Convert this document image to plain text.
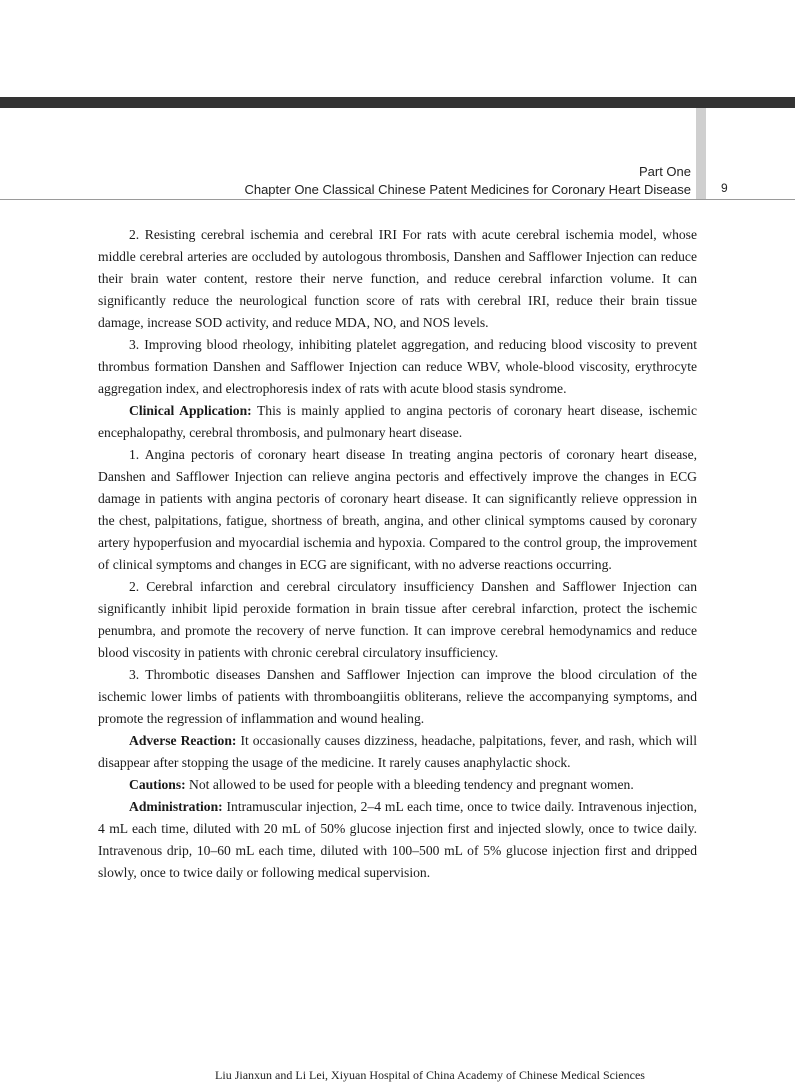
Part One
Chapter One Classical Chinese Patent Medicines for Coronary Heart Disease	9

2. Resisting cerebral ischemia and cerebral IRI For rats with acute cerebral ischemia model, whose middle cerebral arteries are occluded by autologous thrombosis, Danshen and Safflower Injection can reduce their brain water content, restore their nerve function, and reduce cerebral infarction volume. It can significantly reduce the neurological function score of rats with cerebral IRI, reduce their brain tissue damage, increase SOD activity, and reduce MDA, NO, and NOS levels.

3. Improving blood rheology, inhibiting platelet aggregation, and reducing blood viscosity to prevent thrombus formation Danshen and Safflower Injection can reduce WBV, whole-blood viscosity, erythrocyte aggregation index, and electrophoresis index of rats with acute blood stasis syndrome.

Clinical Application: This is mainly applied to angina pectoris of coronary heart disease, ischemic encephalopathy, cerebral thrombosis, and pulmonary heart disease.

1. Angina pectoris of coronary heart disease In treating angina pectoris of coronary heart disease, Danshen and Safflower Injection can relieve angina pectoris and effectively improve the changes in ECG damage in patients with angina pectoris of coronary heart disease. It can significantly relieve oppression in the chest, palpitations, fatigue, shortness of breath, angina, and other clinical symptoms caused by coronary artery hypoperfusion and myocardial ischemia and hypoxia. Compared to the control group, the improvement of clinical symptoms and changes in ECG are significant, with no adverse reactions occurring.

2. Cerebral infarction and cerebral circulatory insufficiency Danshen and Safflower Injection can significantly inhibit lipid peroxide formation in brain tissue after cerebral infarction, protect the ischemic penumbra, and promote the recovery of nerve function. It can improve cerebral hemodynamics and reduce blood viscosity in patients with chronic cerebral circulatory insufficiency.

3. Thrombotic diseases Danshen and Safflower Injection can improve the blood circulation of the ischemic lower limbs of patients with thromboangiitis obliterans, relieve the accompanying symptoms, and promote the regression of inflammation and wound healing.

Adverse Reaction: It occasionally causes dizziness, headache, palpitations, fever, and rash, which will disappear after stopping the usage of the medicine. It rarely causes anaphylactic shock.

Cautions: Not allowed to be used for people with a bleeding tendency and pregnant women.

Administration: Intramuscular injection, 2–4 mL each time, once to twice daily. Intravenous injection, 4 mL each time, diluted with 20 mL of 50% glucose injection first and injected slowly, once to twice daily. Intravenous drip, 10–60 mL each time, diluted with 100–500 mL of 5% glucose injection first and dripped slowly, once to twice daily or following medical supervision.

Liu Jianxun and Li Lei, Xiyuan Hospital of China Academy of Chinese Medical Sciences
